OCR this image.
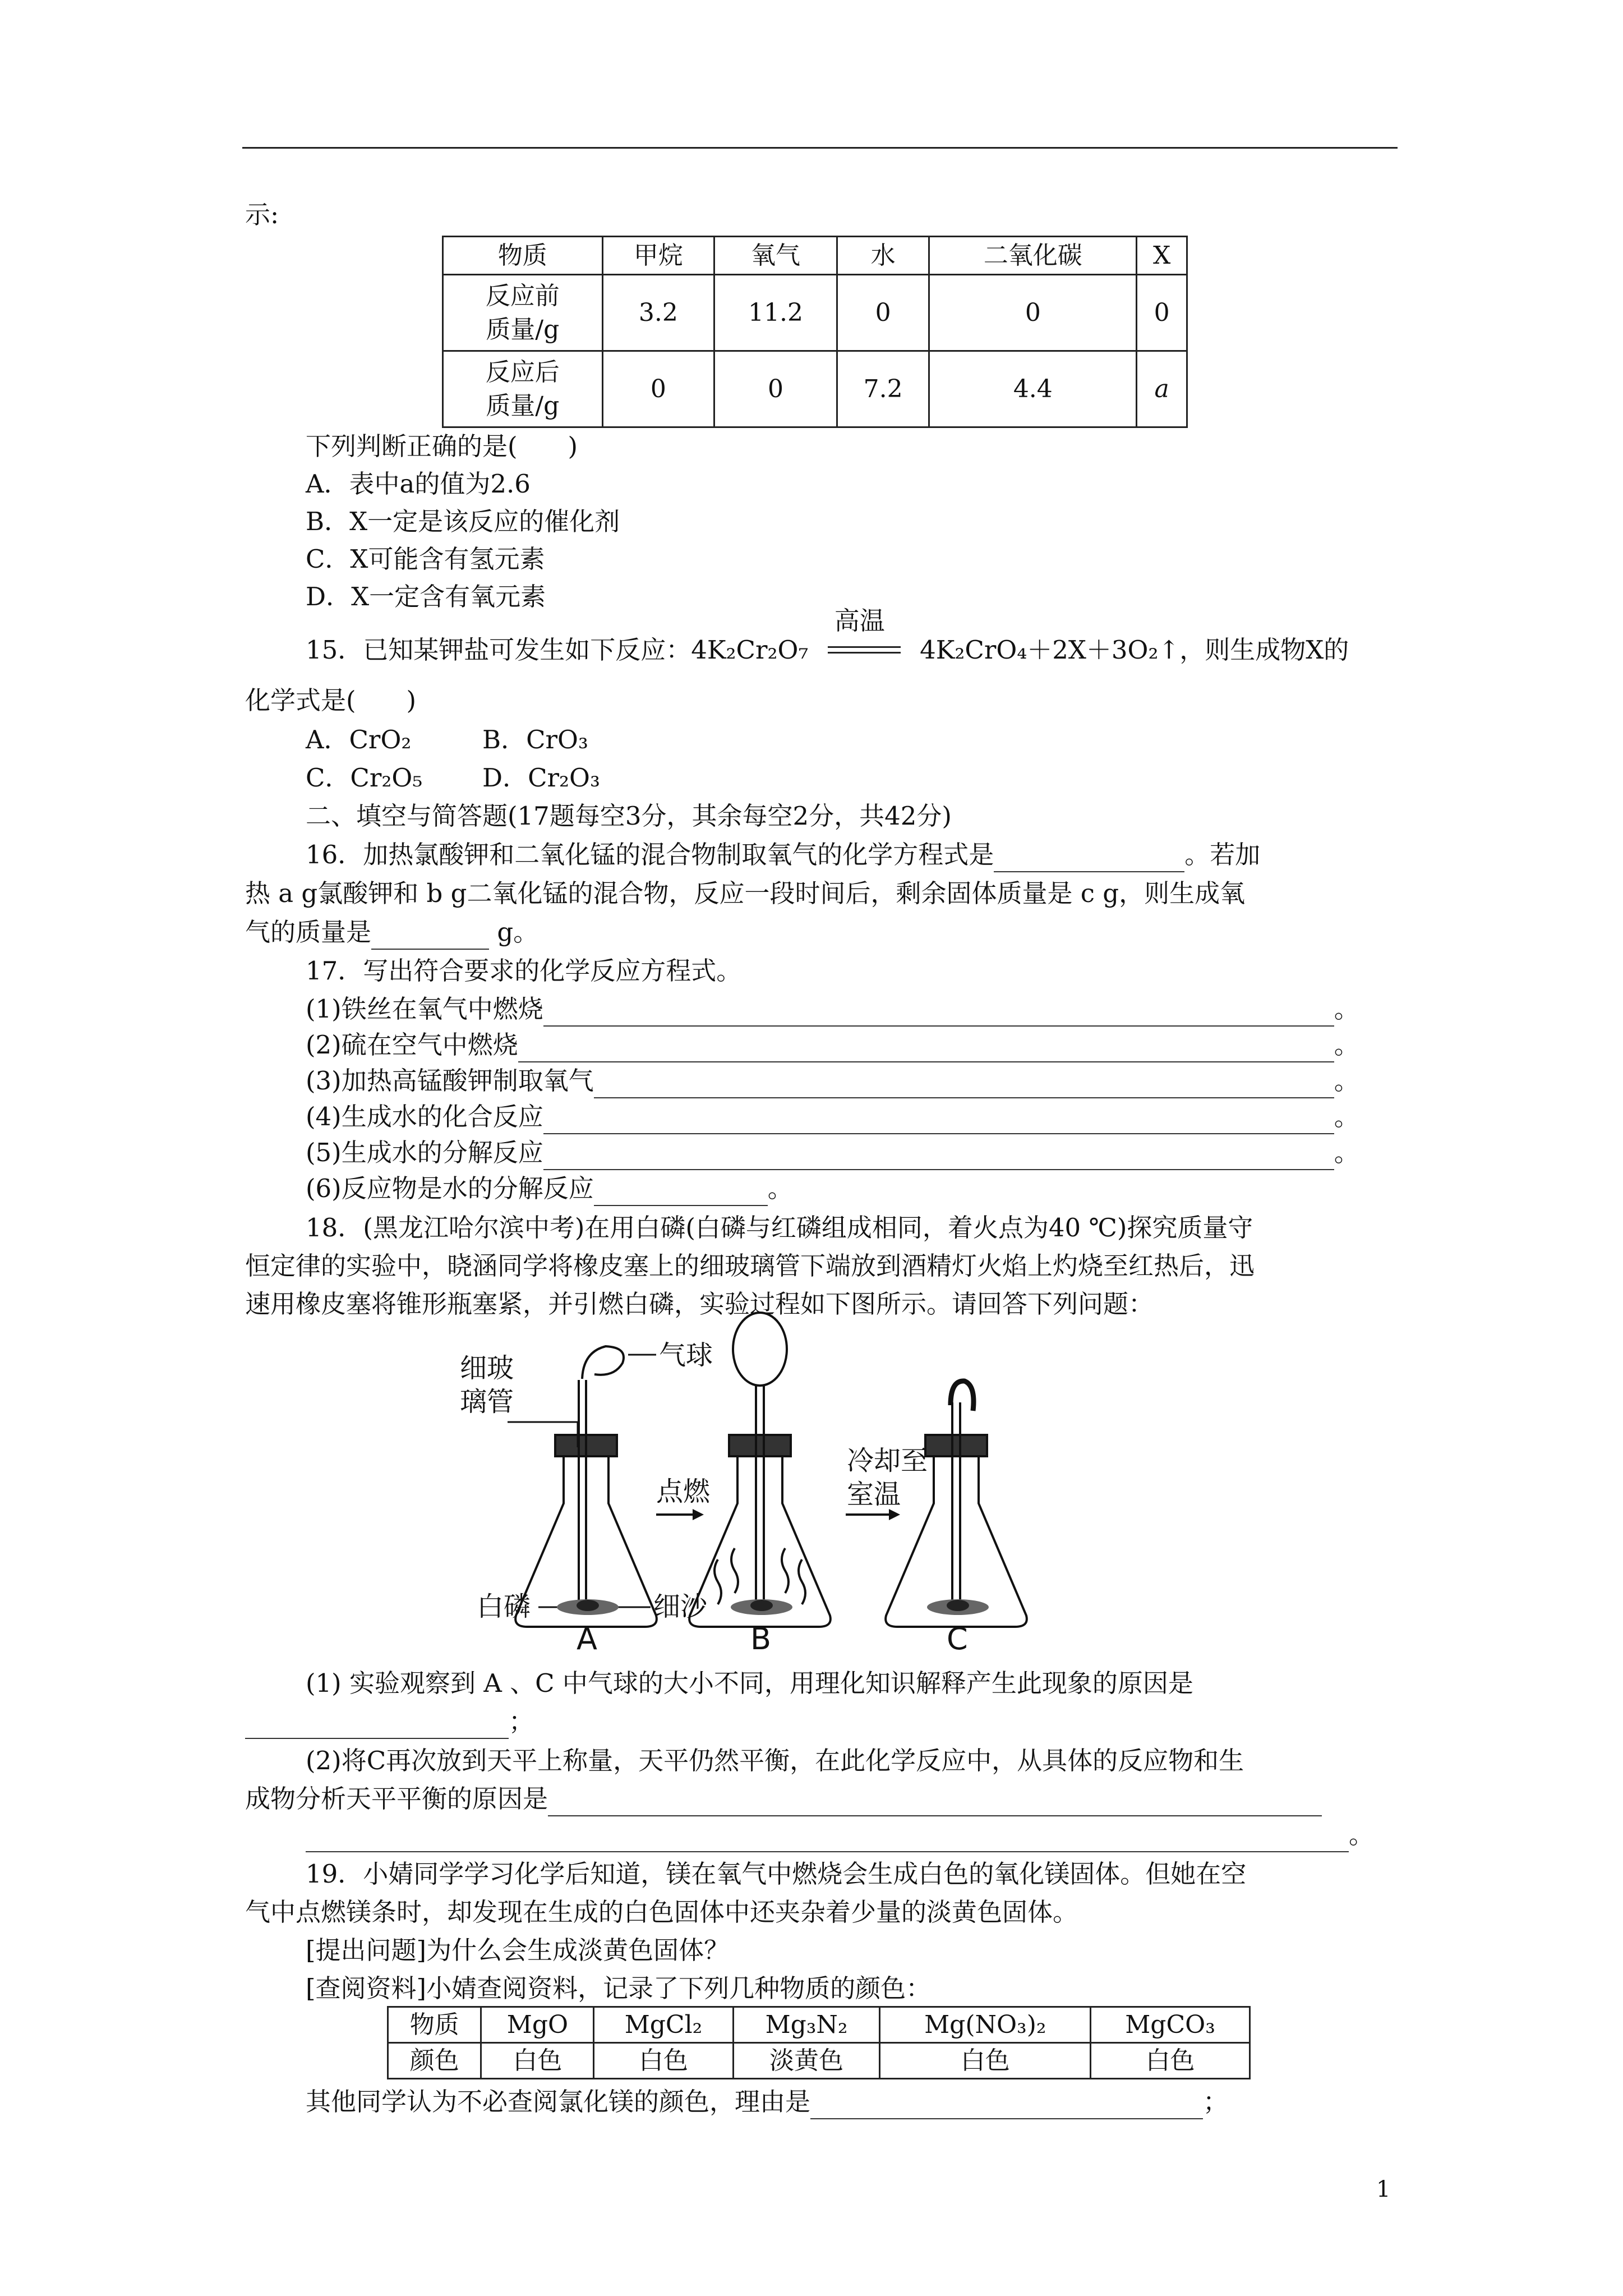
示:
物质	甲烷	氧气	水	二氧化碳	X
反应前
质量/g	3.2	11.2	0	0	0
反应后
质量/g	0	0	7.2	4.4	a
下列判断正确的是(　　)
A．表中a的值为2.6
B．X一定是该反应的催化剂
C．X可能含有氢元素
D．X一定含有氧元素
15．已知某钾盐可发生如下反应：4K₂Cr₂O₇
高温
4K₂CrO₄＋2X＋3O₂↑，则生成物X的
化学式是(　　)
A．CrO₂	B．CrO₃
C．Cr₂O₅ D．Cr₂O₃
二、填空与简答题(17题每空3分，其余每空2分，共42分)
16．加热氯酸钾和二氧化锰的混合物制取氧气的化学方程式是	。若加
热 a g氯酸钾和 b g二氧化锰的混合物，反应一段时间后，剩余固体质量是 c g，则生成氧
气的质量是	g。
17．写出符合要求的化学反应方程式。
(1)铁丝在氧气中燃烧	。
(2)硫在空气中燃烧	。
(3)加热高锰酸钾制取氧气	。
(4)生成水的化合反应	。
(5)生成水的分解反应	。
(6)反应物是水的分解反应	。
18．(黑龙江哈尔滨中考)在用白磷(白磷与红磷组成相同，着火点为40 ℃)探究质量守
恒定律的实验中，晓涵同学将橡皮塞上的细玻璃管下端放到酒精灯火焰上灼烧至红热后，迅
速用橡皮塞将锥形瓶塞紧，并引燃白磷，实验过程如下图所示。请回答下列问题：
细玻
璃管
气球
白磷	细沙
点燃
冷却至
室温
A	B	C
(1) 实验观察到 A 、C 中气球的大小不同，用理化知识解释产生此现象的原因是
；
(2)将C再次放到天平上称量，天平仍然平衡，在此化学反应中，从具体的反应物和生
成物分析天平平衡的原因是
。
19．小婧同学学习化学后知道，镁在氧气中燃烧会生成白色的氧化镁固体。但她在空
气中点燃镁条时，却发现在生成的白色固体中还夹杂着少量的淡黄色固体。
[提出问题]为什么会生成淡黄色固体？
[查阅资料]小婧查阅资料，记录了下列几种物质的颜色：
物质	MgO	MgCl₂	Mg₃N₂	Mg(NO₃)₂	MgCO₃
颜色	白色	白色	淡黄色	白色	白色
其他同学认为不必查阅氯化镁的颜色，理由是	；
1
